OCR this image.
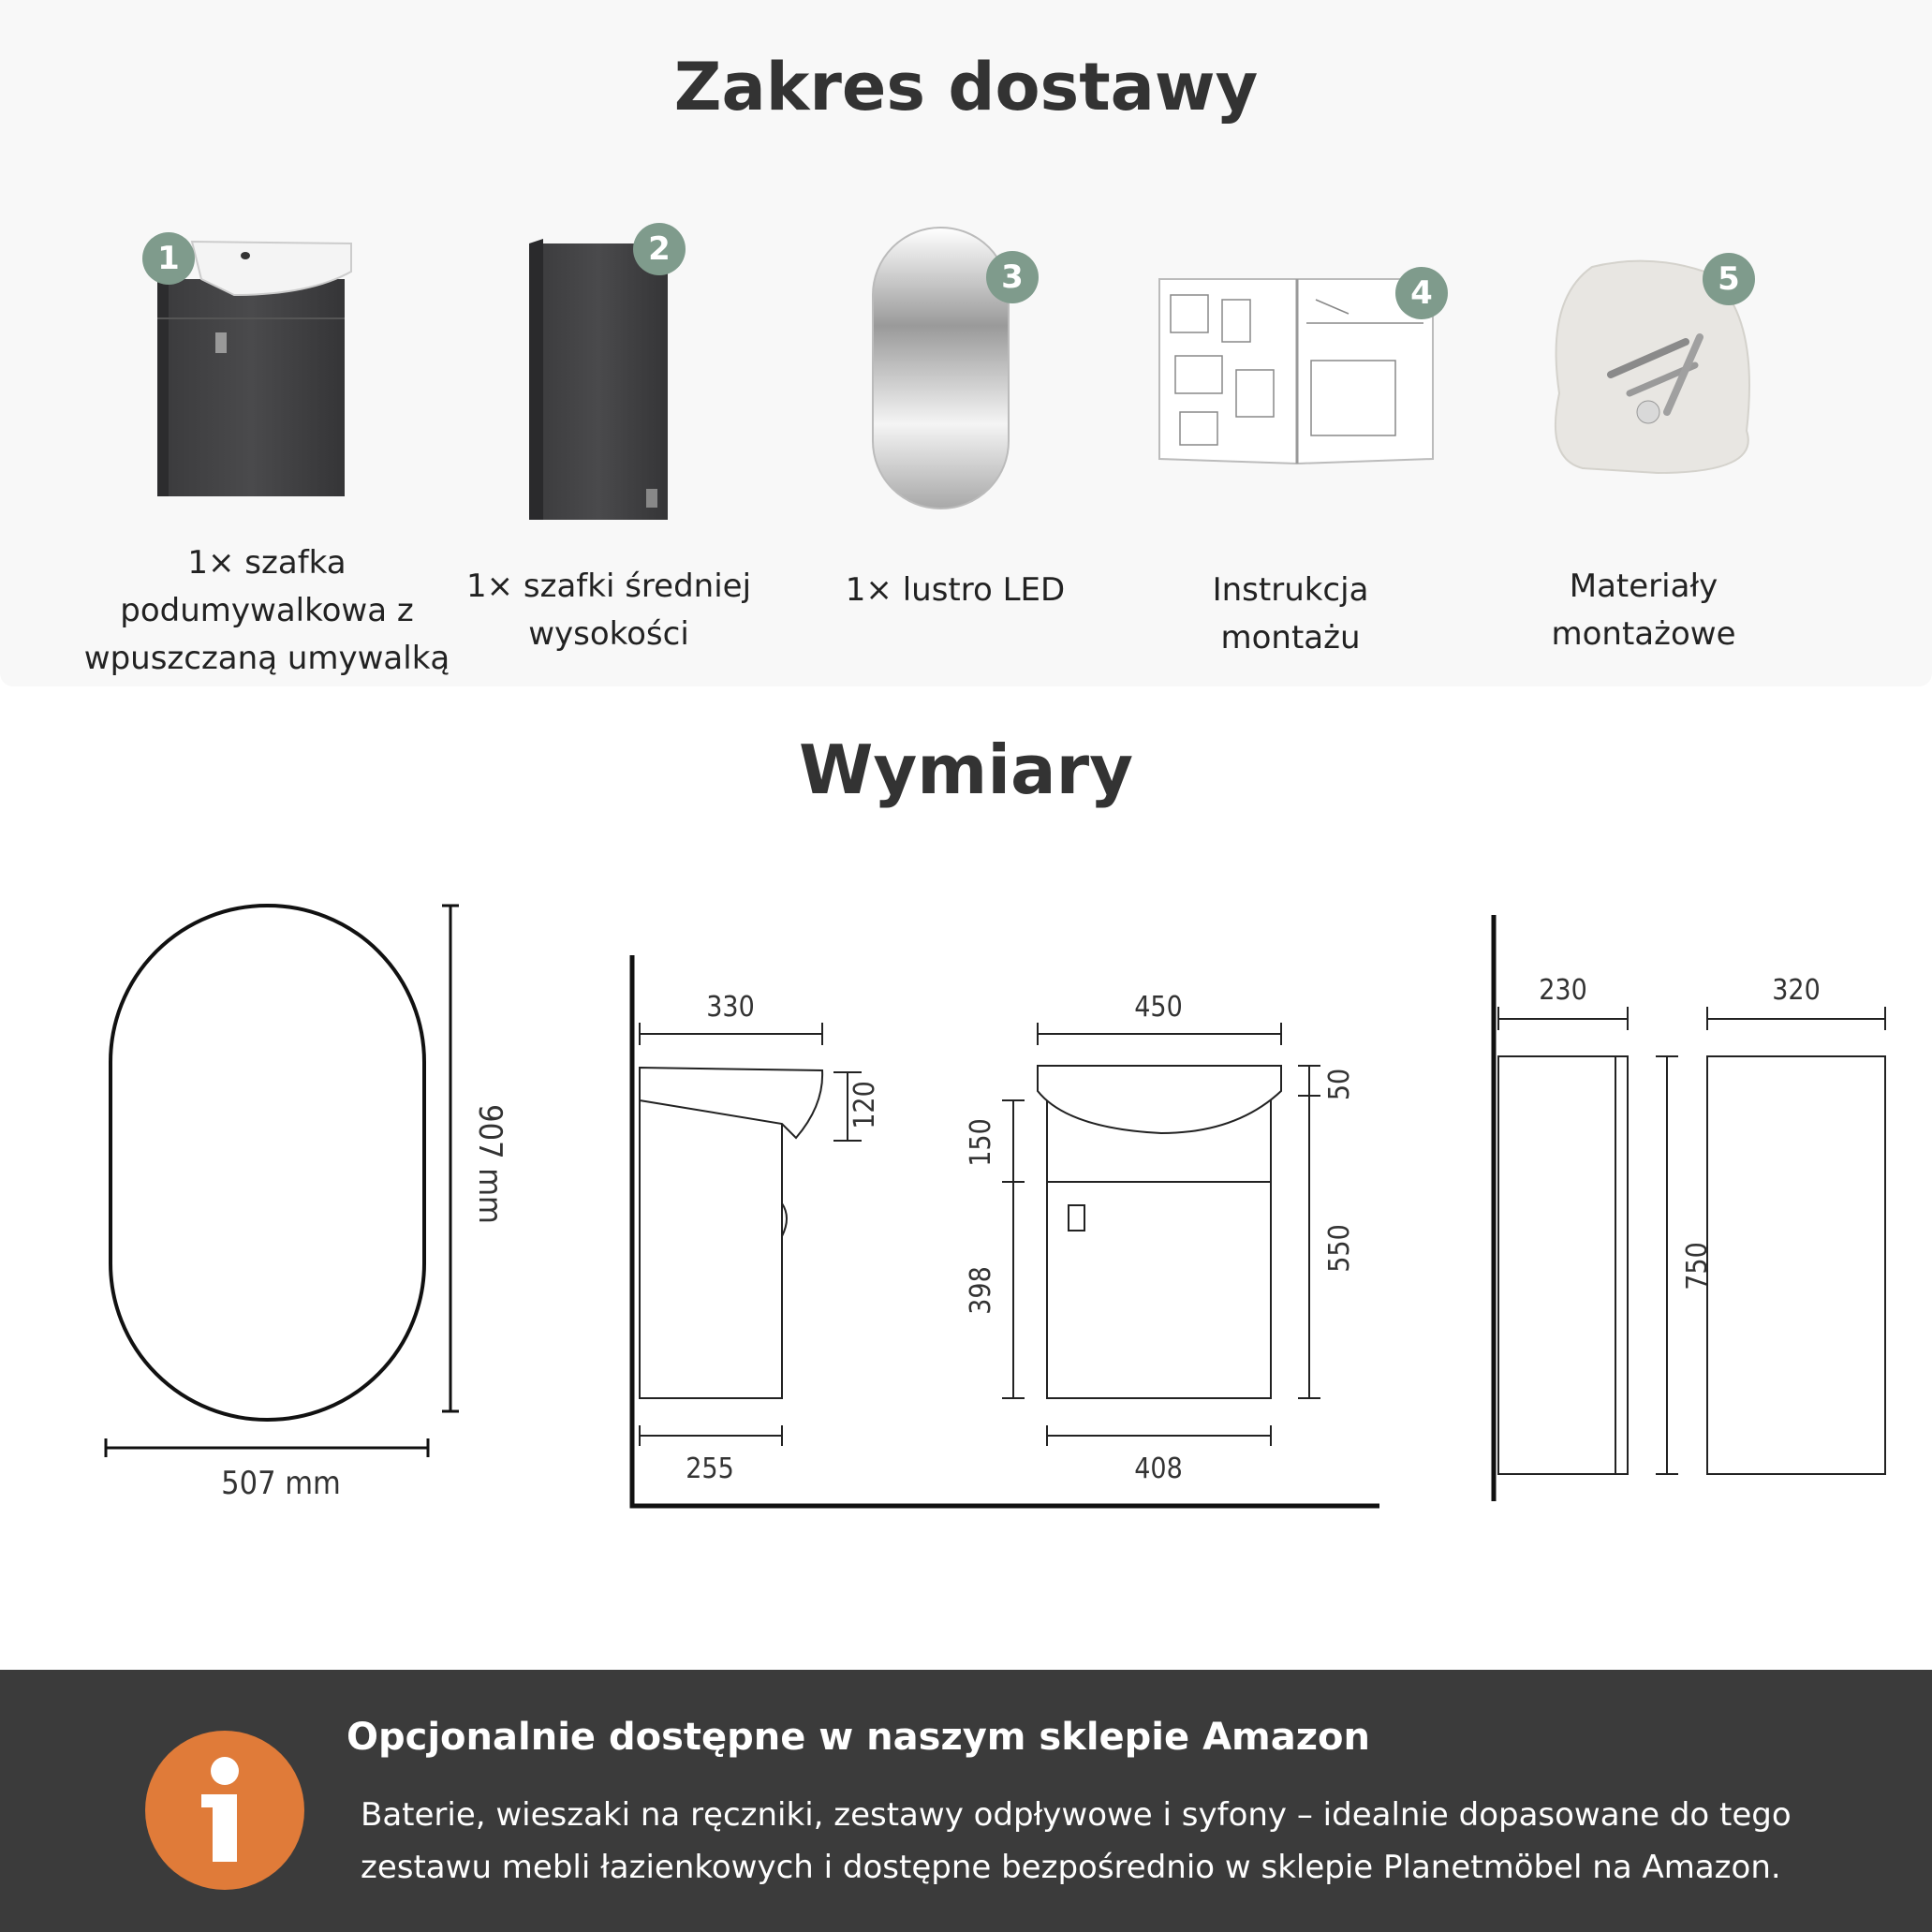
Zakres dostawy
1	2
3	4	5
1× szafka
podumywalkowa z
wpuszczaną umywalką
1× szafki średniej
wysokości
1× lustro LED	Instrukcja
montażu
Materiały
montażowe
Wymiary
507 mm
907 mm
330
255
120
450
408
150
398
50
550
230	320
750
Opcjonalnie dostępne w naszym sklepie Amazon
Baterie, wieszaki na ręczniki, zestawy odpływowe i syfony – idealnie dopasowane do tego
zestawu mebli łazienkowych i dostępne bezpośrednio w sklepie Planetmöbel na Amazon.
